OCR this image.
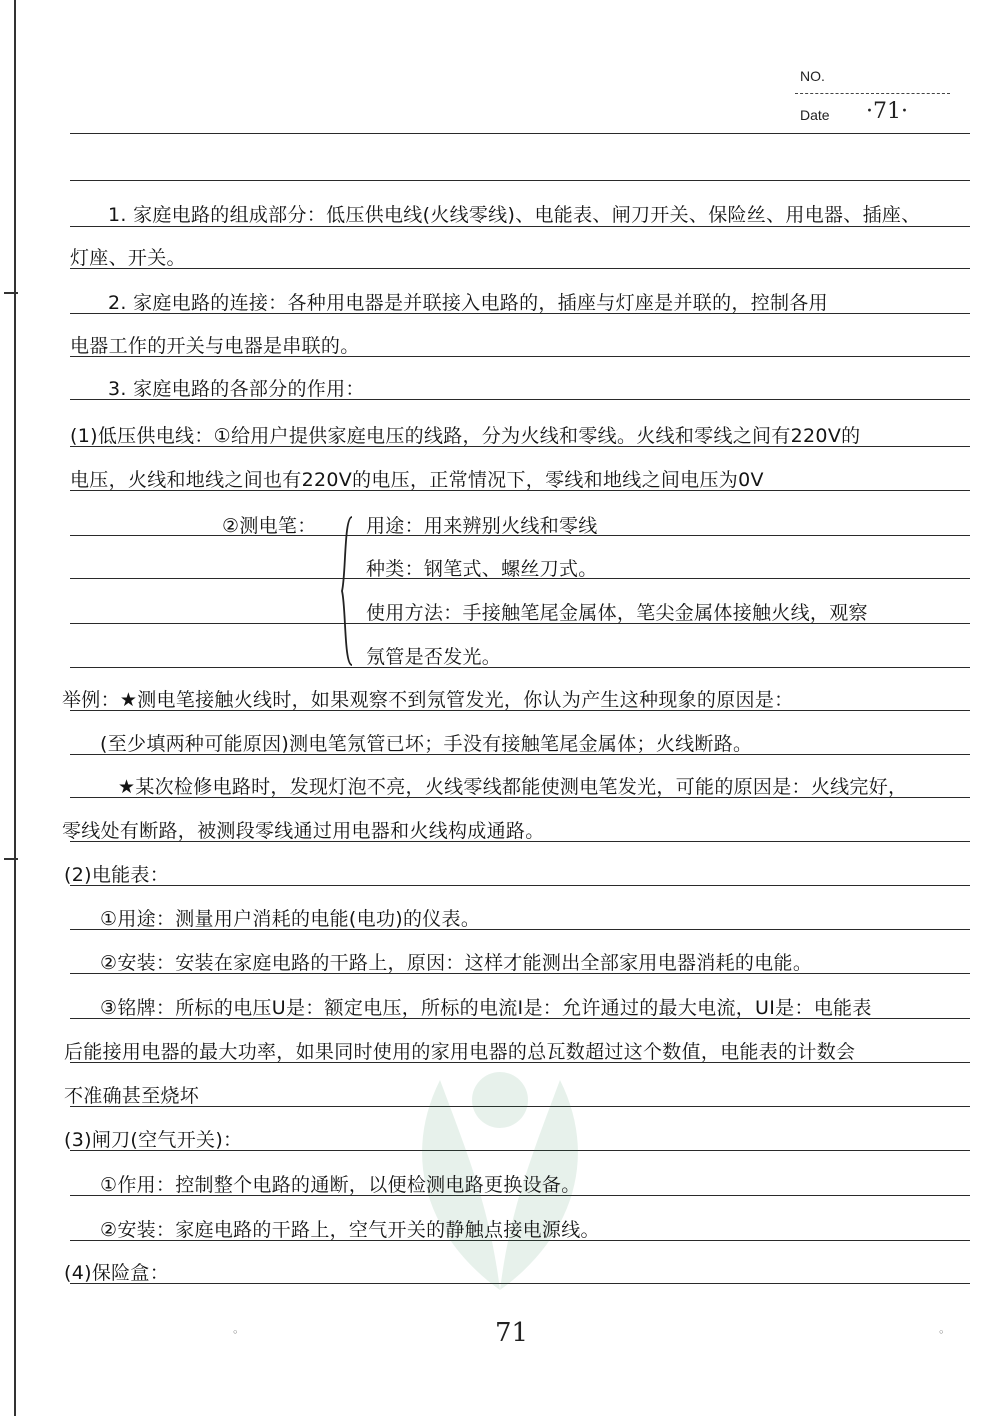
NO.
Date ·71·
1. 家庭电路的组成部分：低压供电线(火线零线)、电能表、闸刀开关、保险丝、用电器、插座、
灯座、开关。
2. 家庭电路的连接：各种用电器是并联接入电路的，插座与灯座是并联的，控制各用
电器工作的开关与电器是串联的。
3. 家庭电路的各部分的作用：
(1)低压供电线：①给用户提供家庭电压的线路，分为火线和零线。火线和零线之间有220V的
电压，火线和地线之间也有220V的电压，正常情况下，零线和地线之间电压为0V
②测电笔：	用途：用来辨别火线和零线
种类：钢笔式、螺丝刀式。
使用方法：手接触笔尾金属体，笔尖金属体接触火线，观察
氖管是否发光。
举例：★测电笔接触火线时，如果观察不到氖管发光，你认为产生这种现象的原因是：
(至少填两种可能原因)测电笔氖管已坏；手没有接触笔尾金属体；火线断路。
★某次检修电路时，发现灯泡不亮，火线零线都能使测电笔发光，可能的原因是：火线完好，
零线处有断路，被测段零线通过用电器和火线构成通路。
(2)电能表：
①用途：测量用户消耗的电能(电功)的仪表。
②安装：安装在家庭电路的干路上，原因：这样才能测出全部家用电器消耗的电能。
③铭牌：所标的电压U是：额定电压，所标的电流I是：允许通过的最大电流，UI是：电能表
后能接用电器的最大功率，如果同时使用的家用电器的总瓦数超过这个数值，电能表的计数会
不准确甚至烧坏
(3)闸刀(空气开关)：
①作用：控制整个电路的通断，以便检测电路更换设备。
②安装：家庭电路的干路上，空气开关的静触点接电源线。
(4)保险盒：
◦	◦
71
